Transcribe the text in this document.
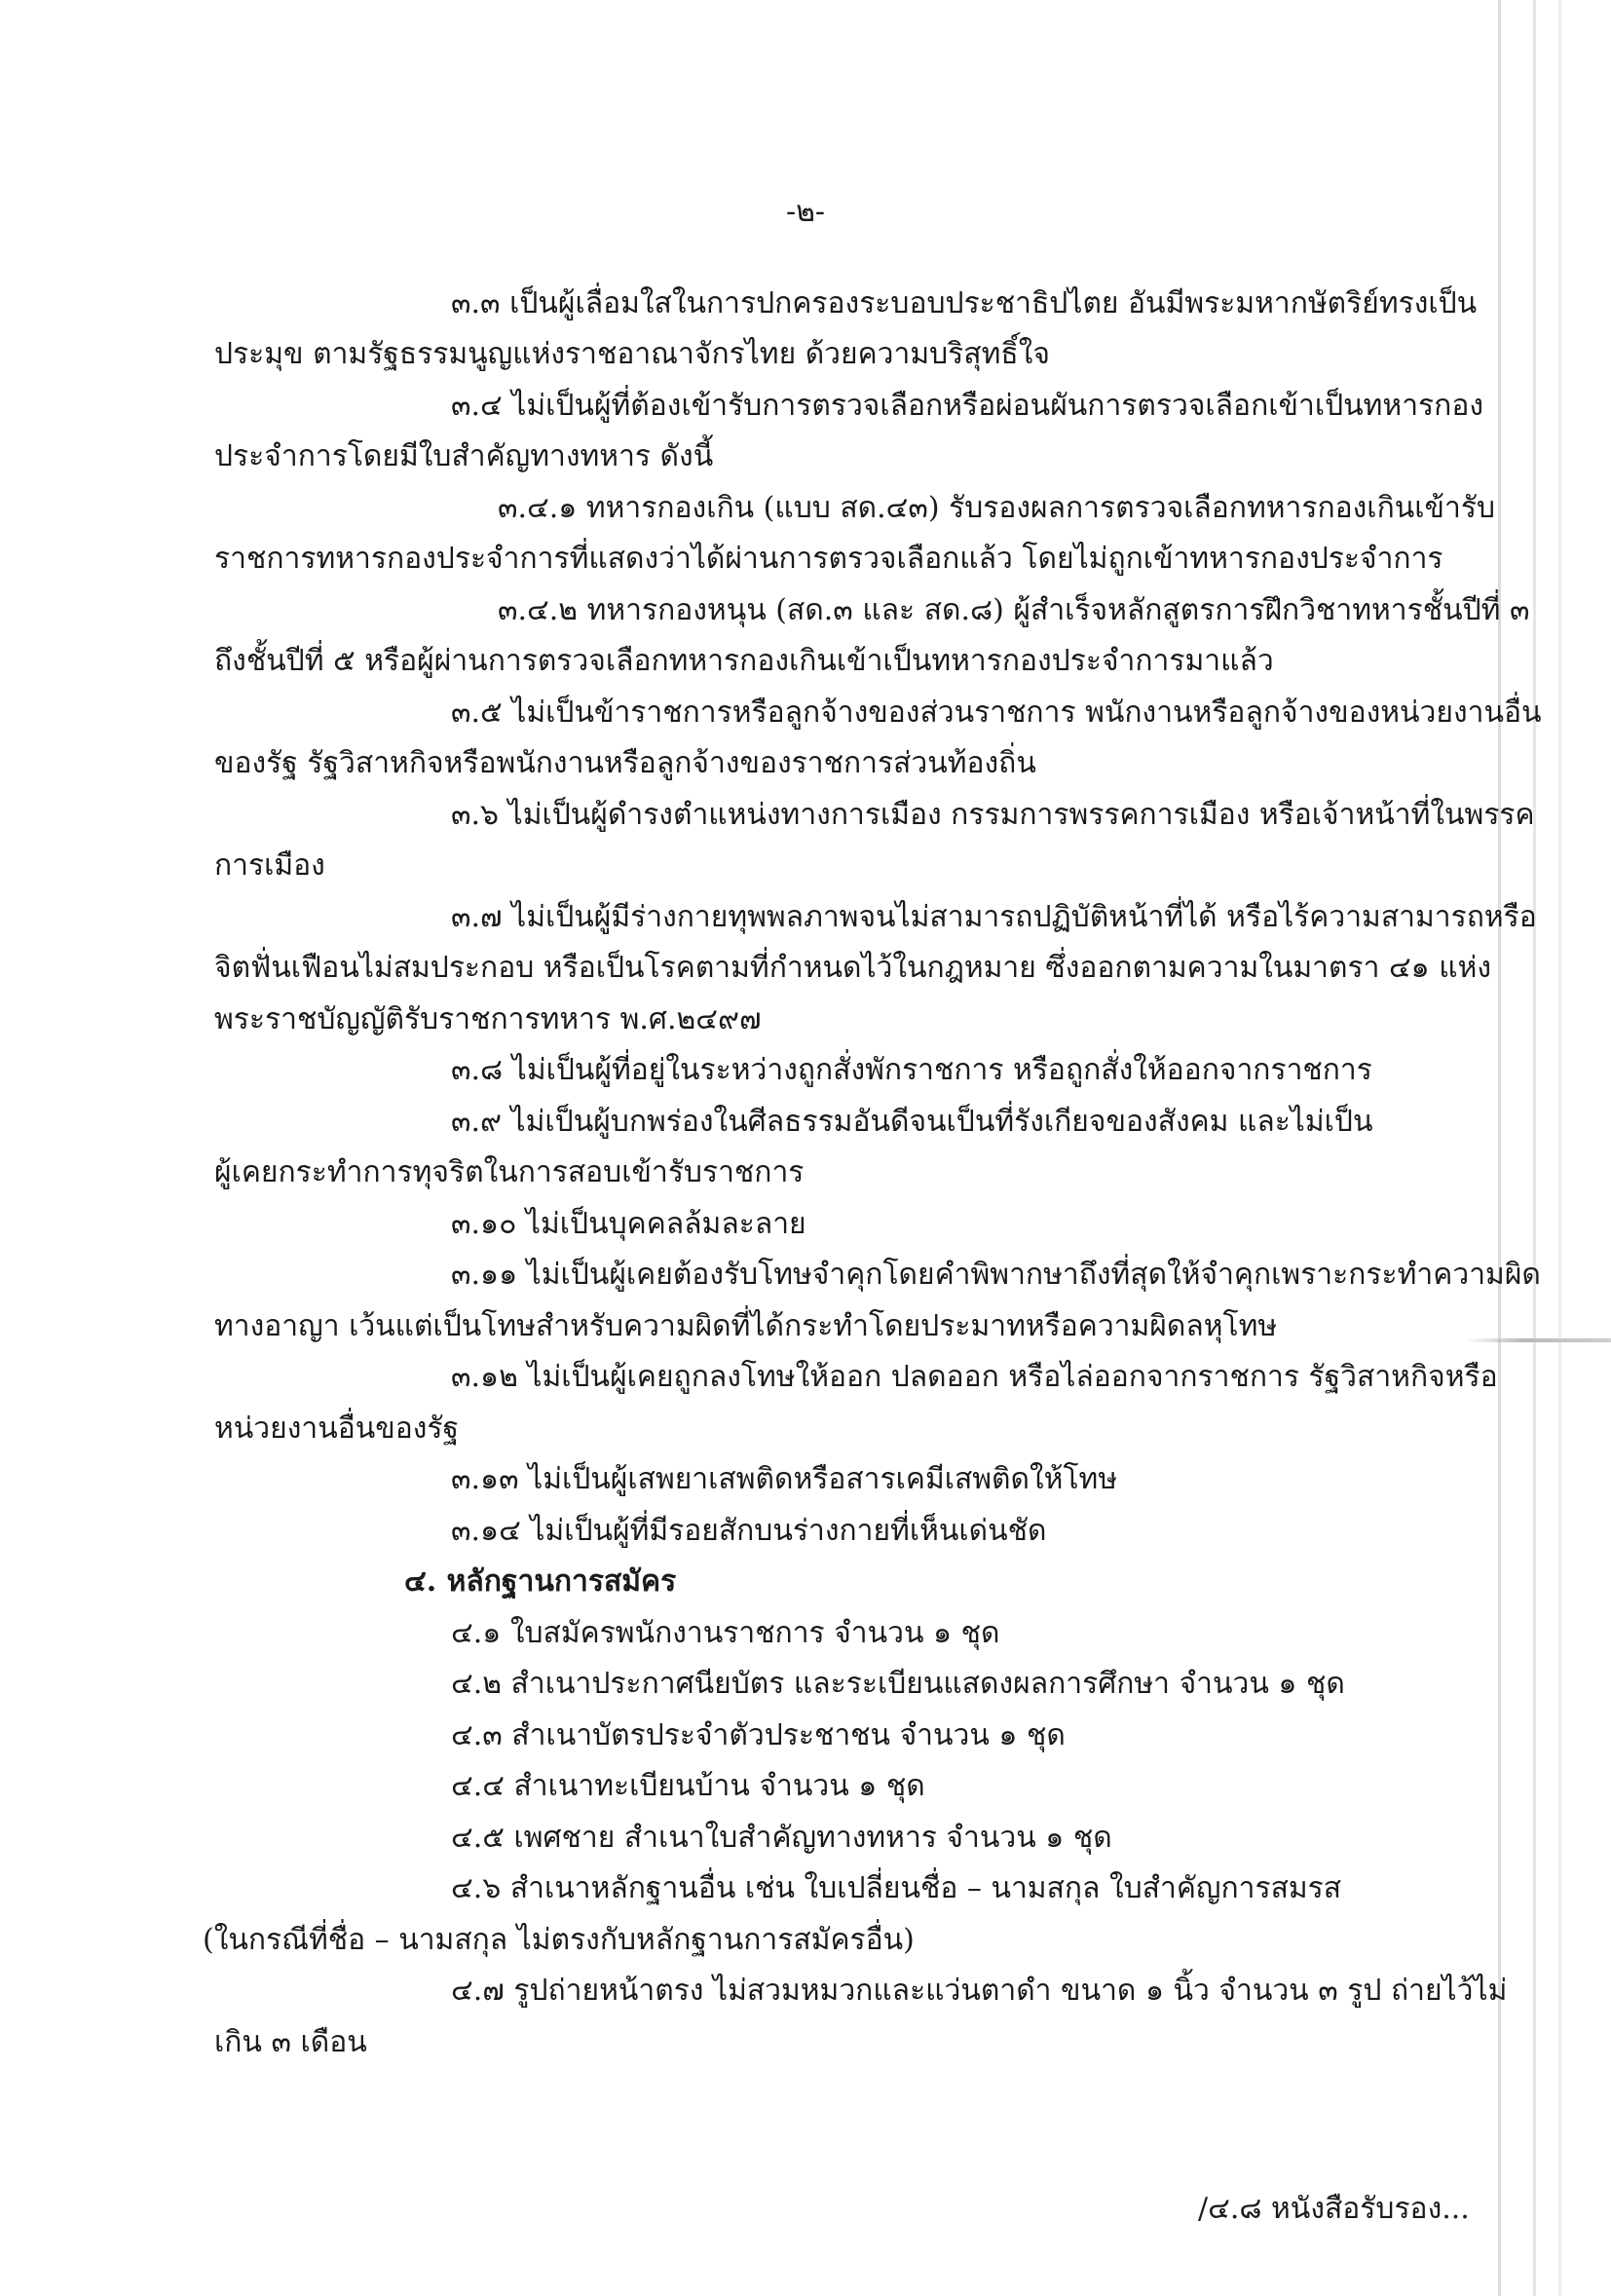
-๒-

๓.๓ เป็นผู้เลื่อมใสในการปกครองระบอบประชาธิปไตย อันมีพระมหากษัตริย์ทรงเป็น

ประมุข ตามรัฐธรรมนูญแห่งราชอาณาจักรไทย ด้วยความบริสุทธิ์ใจ

๓.๔ ไม่เป็นผู้ที่ต้องเข้ารับการตรวจเลือกหรือผ่อนผันการตรวจเลือกเข้าเป็นทหารกอง

ประจำการโดยมีใบสำคัญทางทหาร ดังนี้

๓.๔.๑ ทหารกองเกิน (แบบ สด.๔๓) รับรองผลการตรวจเลือกทหารกองเกินเข้ารับ

ราชการทหารกองประจำการที่แสดงว่าได้ผ่านการตรวจเลือกแล้ว โดยไม่ถูกเข้าทหารกองประจำการ

๓.๔.๒ ทหารกองหนุน (สด.๓ และ สด.๘) ผู้สำเร็จหลักสูตรการฝึกวิชาทหารชั้นปีที่ ๓

ถึงชั้นปีที่ ๕ หรือผู้ผ่านการตรวจเลือกทหารกองเกินเข้าเป็นทหารกองประจำการมาแล้ว

๓.๕ ไม่เป็นข้าราชการหรือลูกจ้างของส่วนราชการ พนักงานหรือลูกจ้างของหน่วยงานอื่น

ของรัฐ รัฐวิสาหกิจหรือพนักงานหรือลูกจ้างของราชการส่วนท้องถิ่น

๓.๖ ไม่เป็นผู้ดำรงตำแหน่งทางการเมือง กรรมการพรรคการเมือง หรือเจ้าหน้าที่ในพรรค

การเมือง

๓.๗ ไม่เป็นผู้มีร่างกายทุพพลภาพจนไม่สามารถปฏิบัติหน้าที่ได้ หรือไร้ความสามารถหรือ

จิตฟั่นเฟือนไม่สมประกอบ หรือเป็นโรคตามที่กำหนดไว้ในกฎหมาย ซึ่งออกตามความในมาตรา ๔๑ แห่ง

พระราชบัญญัติรับราชการทหาร พ.ศ.๒๔๙๗

๓.๘ ไม่เป็นผู้ที่อยู่ในระหว่างถูกสั่งพักราชการ หรือถูกสั่งให้ออกจากราชการ

๓.๙ ไม่เป็นผู้บกพร่องในศีลธรรมอันดีจนเป็นที่รังเกียจของสังคม และไม่เป็น

ผู้เคยกระทำการทุจริตในการสอบเข้ารับราชการ

๓.๑๐ ไม่เป็นบุคคลล้มละลาย

๓.๑๑ ไม่เป็นผู้เคยต้องรับโทษจำคุกโดยคำพิพากษาถึงที่สุดให้จำคุกเพราะกระทำความผิด

ทางอาญา เว้นแต่เป็นโทษสำหรับความผิดที่ได้กระทำโดยประมาทหรือความผิดลหุโทษ

๓.๑๒ ไม่เป็นผู้เคยถูกลงโทษให้ออก ปลดออก หรือไล่ออกจากราชการ รัฐวิสาหกิจหรือ

หน่วยงานอื่นของรัฐ

๓.๑๓ ไม่เป็นผู้เสพยาเสพติดหรือสารเคมีเสพติดให้โทษ

๓.๑๔ ไม่เป็นผู้ที่มีรอยสักบนร่างกายที่เห็นเด่นชัด

๔. หลักฐานการสมัคร

๔.๑ ใบสมัครพนักงานราชการ จำนวน ๑ ชุด

๔.๒ สำเนาประกาศนียบัตร และระเบียนแสดงผลการศึกษา จำนวน ๑ ชุด

๔.๓ สำเนาบัตรประจำตัวประชาชน จำนวน ๑ ชุด

๔.๔ สำเนาทะเบียนบ้าน จำนวน ๑ ชุด

๔.๕ เพศชาย สำเนาใบสำคัญทางทหาร จำนวน ๑ ชุด

๔.๖ สำเนาหลักฐานอื่น เช่น ใบเปลี่ยนชื่อ – นามสกุล ใบสำคัญการสมรส

(ในกรณีที่ชื่อ – นามสกุล ไม่ตรงกับหลักฐานการสมัครอื่น)

๔.๗ รูปถ่ายหน้าตรง ไม่สวมหมวกและแว่นตาดำ ขนาด ๑ นิ้ว จำนวน ๓ รูป ถ่ายไว้ไม่

เกิน ๓ เดือน

/๔.๘ หนังสือรับรอง...
